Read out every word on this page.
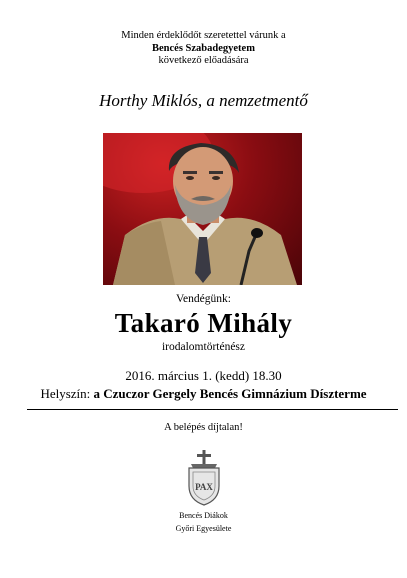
Minden érdeklődőt szeretettel várunk a
Bencés Szabadegyetem
következő előadására
Horthy Miklós, a nemzetmentő
Vendégünk:
Takaró Mihály
irodalomtörténész
2016. március 1. (kedd) 18.30
Helyszín: a Czuczor Gergely Bencés Gimnázium Díszterme
A belépés díjtalan!
PAX
Bencés Diákok
Győri Egyesülete
